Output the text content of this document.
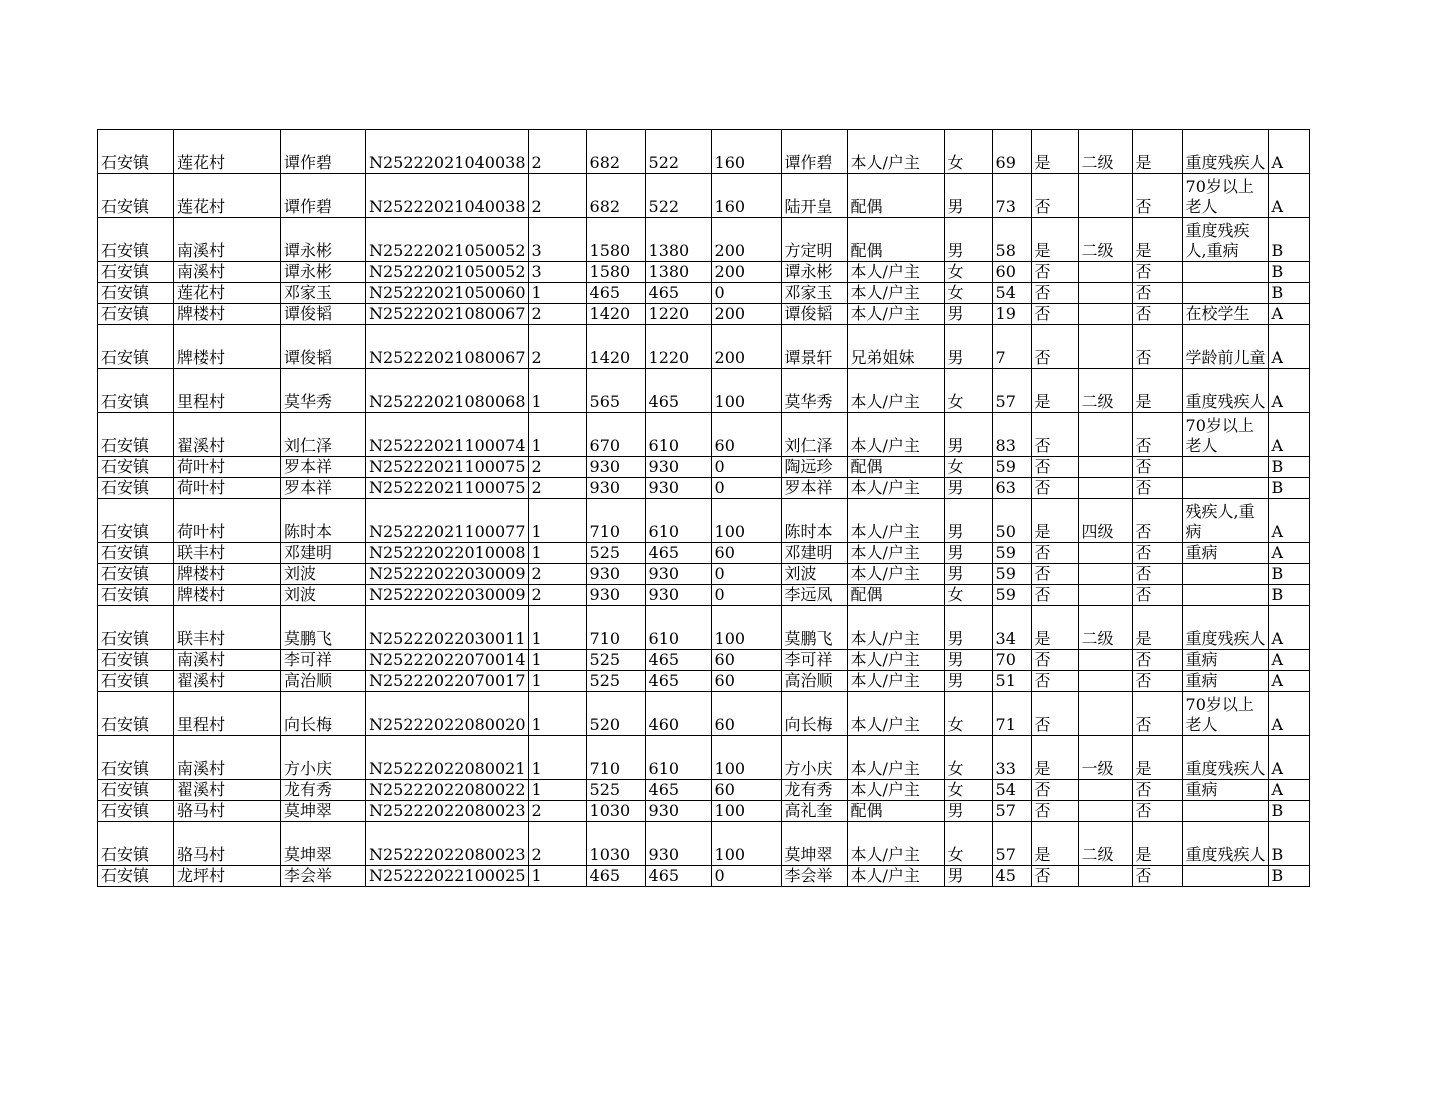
石安镇	莲花村	谭作碧	N25222021040038	2	682	522	160	谭作碧	本人/户主	女	69	是	二级	是	重度残疾人	A
石安镇	莲花村	谭作碧	N25222021040038	2	682	522	160	陆开皇	配偶	男	73	否		否	70岁以上老人	A
石安镇	南溪村	谭永彬	N25222021050052	3	1580	1380	200	方定明	配偶	男	58	是	二级	是	重度残疾人,重病	B
石安镇	南溪村	谭永彬	N25222021050052	3	1580	1380	200	谭永彬	本人/户主	女	60	否		否		B
石安镇	莲花村	邓家玉	N25222021050060	1	465	465	0	邓家玉	本人/户主	女	54	否		否		B
石安镇	牌楼村	谭俊韬	N25222021080067	2	1420	1220	200	谭俊韬	本人/户主	男	19	否		否	在校学生	A
石安镇	牌楼村	谭俊韬	N25222021080067	2	1420	1220	200	谭景轩	兄弟姐妹	男	7	否		否	学龄前儿童	A
石安镇	里程村	莫华秀	N25222021080068	1	565	465	100	莫华秀	本人/户主	女	57	是	二级	是	重度残疾人	A
石安镇	翟溪村	刘仁泽	N25222021100074	1	670	610	60	刘仁泽	本人/户主	男	83	否		否	70岁以上老人	A
石安镇	荷叶村	罗本祥	N25222021100075	2	930	930	0	陶远珍	配偶	女	59	否		否		B
石安镇	荷叶村	罗本祥	N25222021100075	2	930	930	0	罗本祥	本人/户主	男	63	否		否		B
石安镇	荷叶村	陈时本	N25222021100077	1	710	610	100	陈时本	本人/户主	男	50	是	四级	否	残疾人,重病	A
石安镇	联丰村	邓建明	N25222022010008	1	525	465	60	邓建明	本人/户主	男	59	否		否	重病	A
石安镇	牌楼村	刘波	N25222022030009	2	930	930	0	刘波	本人/户主	男	59	否		否		B
石安镇	牌楼村	刘波	N25222022030009	2	930	930	0	李远凤	配偶	女	59	否		否		B
石安镇	联丰村	莫鹏飞	N25222022030011	1	710	610	100	莫鹏飞	本人/户主	男	34	是	二级	是	重度残疾人	A
石安镇	南溪村	李可祥	N25222022070014	1	525	465	60	李可祥	本人/户主	男	70	否		否	重病	A
石安镇	翟溪村	高治顺	N25222022070017	1	525	465	60	高治顺	本人/户主	男	51	否		否	重病	A
石安镇	里程村	向长梅	N25222022080020	1	520	460	60	向长梅	本人/户主	女	71	否		否	70岁以上老人	A
石安镇	南溪村	方小庆	N25222022080021	1	710	610	100	方小庆	本人/户主	女	33	是	一级	是	重度残疾人	A
石安镇	翟溪村	龙有秀	N25222022080022	1	525	465	60	龙有秀	本人/户主	女	54	否		否	重病	A
石安镇	骆马村	莫坤翠	N25222022080023	2	1030	930	100	高礼奎	配偶	男	57	否		否		B
石安镇	骆马村	莫坤翠	N25222022080023	2	1030	930	100	莫坤翠	本人/户主	女	57	是	二级	是	重度残疾人	B
石安镇	龙坪村	李会举	N25222022100025	1	465	465	0	李会举	本人/户主	男	45	否		否		B
